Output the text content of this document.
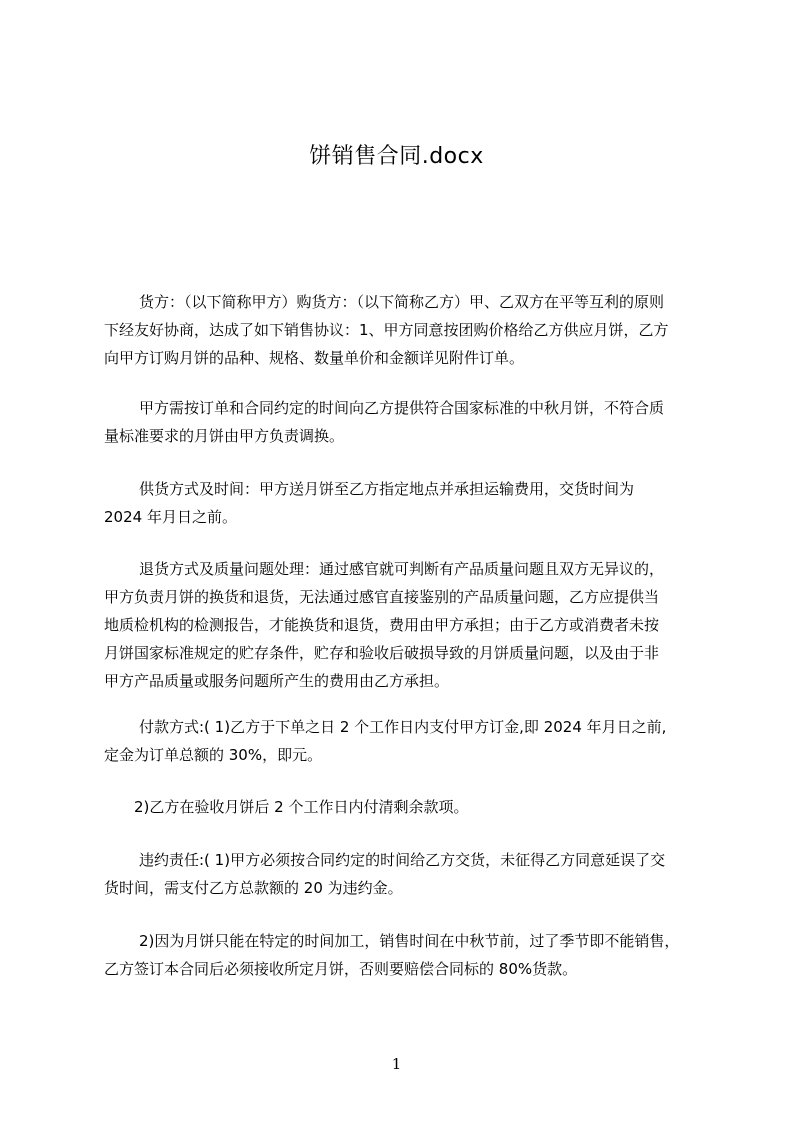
饼销售合同.docx
货方：（以下简称甲方）购货方：（以下简称乙方）甲、乙双方在平等互利的原则
下经友好协商，达成了如下销售协议：1、甲方同意按团购价格给乙方供应月饼，乙方
向甲方订购月饼的品种、规格、数量单价和金额详见附件订单。
甲方需按订单和合同约定的时间向乙方提供符合国家标准的中秋月饼，不符合质
量标准要求的月饼由甲方负责调换。
供货方式及时间：甲方送月饼至乙方指定地点并承担运输费用，交货时间为
2024 年月日之前。
退货方式及质量问题处理：通过感官就可判断有产品质量问题且双方无异议的，
甲方负责月饼的换货和退货，无法通过感官直接鉴别的产品质量问题，乙方应提供当
地质检机构的检测报告，才能换货和退货，费用由甲方承担；由于乙方或消费者未按
月饼国家标准规定的贮存条件，贮存和验收后破损导致的月饼质量问题，以及由于非
甲方产品质量或服务问题所产生的费用由乙方承担。
付款方式:( 1)乙方于下单之日 2 个工作日内支付甲方订金,即 2024 年月日之前,
定金为订单总额的 30%，即元。
2)乙方在验收月饼后 2 个工作日内付清剩余款项。
违约责任:( 1)甲方必须按合同约定的时间给乙方交货，未征得乙方同意延误了交
货时间，需支付乙方总款额的 20 为违约金。
2)因为月饼只能在特定的时间加工，销售时间在中秋节前，过了季节即不能销售，
乙方签订本合同后必须接收所定月饼，否则要赔偿合同标的 80%货款。
1
